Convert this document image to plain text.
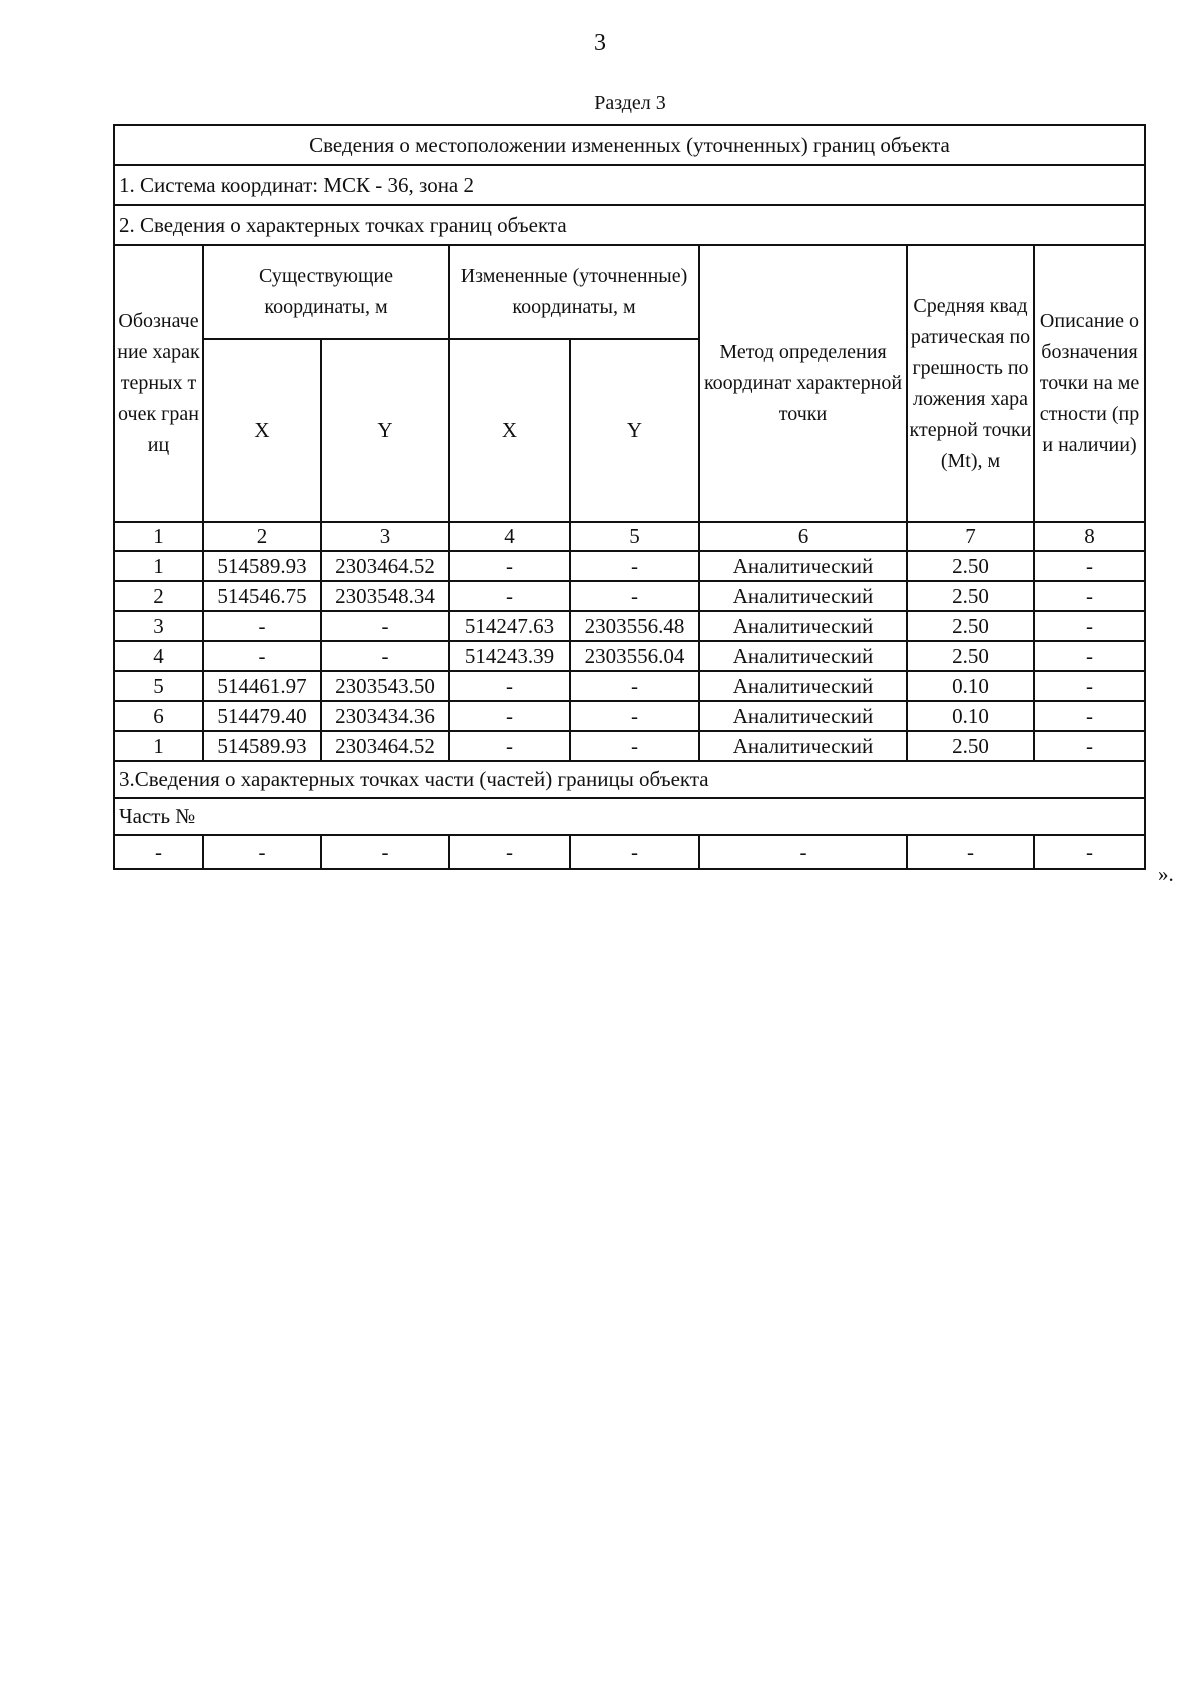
3
Раздел 3
Сведения о местоположении измененных (уточненных) границ объекта							
1. Система координат: МСК - 36, зона 2							
2. Сведения о характерных точках границ объекта							
Обозначение характерных точек границ	Существующие координаты, м		Измененные (уточненные) координаты, м		Метод определения координат характерной точки	Средняя квадратическая погрешность положения характерной точки (Mt), м	Описание обозначения точки на местности (при наличии)
	X	Y	X	Y			
1	2	3	4	5	6	7	8
1	514589.93	2303464.52	-	-	Аналитический	2.50	-
2	514546.75	2303548.34	-	-	Аналитический	2.50	-
3	-	-	514247.63	2303556.48	Аналитический	2.50	-
4	-	-	514243.39	2303556.04	Аналитический	2.50	-
5	514461.97	2303543.50	-	-	Аналитический	0.10	-
6	514479.40	2303434.36	-	-	Аналитический	0.10	-
1	514589.93	2303464.52	-	-	Аналитический	2.50	-
3.Сведения о характерных точках части (частей) границы объекта							
Часть №							
-	-	-	-	-	-	-	-
».
